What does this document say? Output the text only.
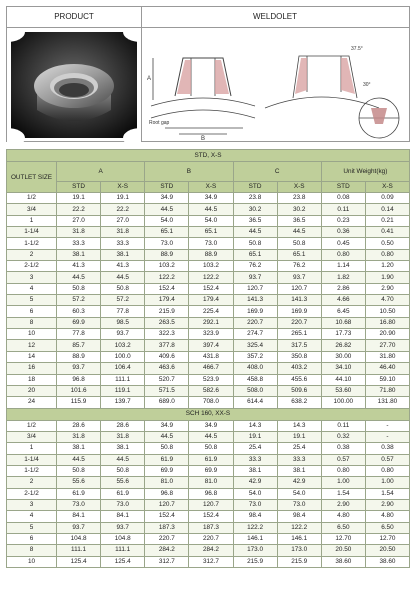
PRODUCT	WELDOLET
A
B
Root gap
37.5°
30°
STD, X-S								
OUTLET SIZE	A		B		C		Unit Weight(kg)	
	STD	X-S	STD	X-S	STD	X-S	STD	X-S
1/2	19.1	19.1	34.9	34.9	23.8	23.8	0.08	0.09
3/4	22.2	22.2	44.5	44.5	30.2	30.2	0.11	0.14
1	27.0	27.0	54.0	54.0	36.5	36.5	0.23	0.21
1-1/4	31.8	31.8	65.1	65.1	44.5	44.5	0.36	0.41
1-1/2	33.3	33.3	73.0	73.0	50.8	50.8	0.45	0.50
2	38.1	38.1	88.9	88.9	65.1	65.1	0.80	0.80
2-1/2	41.3	41.3	103.2	103.2	76.2	76.2	1.14	1.20
3	44.5	44.5	122.2	122.2	93.7	93.7	1.82	1.90
4	50.8	50.8	152.4	152.4	120.7	120.7	2.86	2.90
5	57.2	57.2	179.4	179.4	141.3	141.3	4.66	4.70
6	60.3	77.8	215.9	225.4	169.9	169.9	6.45	10.50
8	69.9	98.5	263.5	292.1	220.7	220.7	10.68	16.80
10	77.8	93.7	322.3	323.9	274.7	265.1	17.73	20.90
12	85.7	103.2	377.8	397.4	325.4	317.5	26.82	27.70
14	88.9	100.0	409.6	431.8	357.2	350.8	30.00	31.80
16	93.7	106.4	463.6	466.7	408.0	403.2	34.10	46.40
18	96.8	111.1	520.7	523.9	458.8	455.6	44.10	59.10
20	101.6	119.1	571.5	582.6	508.0	509.6	53.60	71.80
24	115.9	139.7	689.0	708.0	614.4	638.2	100.00	131.80
SCH 160, XX-S								
1/2	28.6	28.6	34.9	34.9	14.3	14.3	0.11	-
3/4	31.8	31.8	44.5	44.5	19.1	19.1	0.32	-
1	38.1	38.1	50.8	50.8	25.4	25.4	0.38	0.38
1-1/4	44.5	44.5	61.9	61.9	33.3	33.3	0.57	0.57
1-1/2	50.8	50.8	69.9	69.9	38.1	38.1	0.80	0.80
2	55.6	55.6	81.0	81.0	42.9	42.9	1.00	1.00
2-1/2	61.9	61.9	96.8	96.8	54.0	54.0	1.54	1.54
3	73.0	73.0	120.7	120.7	73.0	73.0	2.90	2.90
4	84.1	84.1	152.4	152.4	98.4	98.4	4.80	4.80
5	93.7	93.7	187.3	187.3	122.2	122.2	6.50	6.50
6	104.8	104.8	220.7	220.7	146.1	146.1	12.70	12.70
8	111.1	111.1	284.2	284.2	173.0	173.0	20.50	20.50
10	125.4	125.4	312.7	312.7	215.9	215.9	38.60	38.60
